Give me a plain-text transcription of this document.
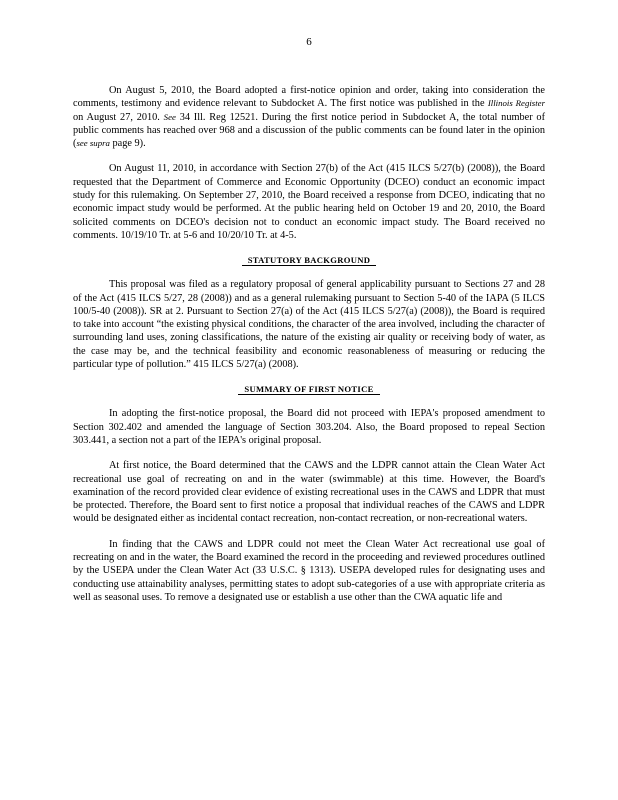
6

On August 5, 2010, the Board adopted a first-notice opinion and order, taking into consideration the comments, testimony and evidence relevant to Subdocket A. The first notice was published in the Illinois Register on August 27, 2010. See 34 Ill. Reg 12521. During the first notice period in Subdocket A, the total number of public comments has reached over 968 and a discussion of the public comments can be found later in the opinion (see supra page 9).

On August 11, 2010, in accordance with Section 27(b) of the Act (415 ILCS 5/27(b) (2008)), the Board requested that the Department of Commerce and Economic Opportunity (DCEO) conduct an economic impact study for this rulemaking. On September 27, 2010, the Board received a response from DCEO, indicating that no economic impact study would be performed. At the public hearing held on October 19 and 20, 2010, the Board solicited comments on DCEO's decision not to conduct an economic impact study. The Board received no comments. 10/19/10 Tr. at 5-6 and 10/20/10 Tr. at 4-5.

STATUTORY BACKGROUND

This proposal was filed as a regulatory proposal of general applicability pursuant to Sections 27 and 28 of the Act (415 ILCS 5/27, 28 (2008)) and as a general rulemaking pursuant to Section 5-40 of the IAPA (5 ILCS 100/5-40 (2008)). SR at 2. Pursuant to Section 27(a) of the Act (415 ILCS 5/27(a) (2008)), the Board is required to take into account “the existing physical conditions, the character of the area involved, including the character of surrounding land uses, zoning classifications, the nature of the existing air quality or receiving body of water, as the case may be, and the technical feasibility and economic reasonableness of measuring or reducing the particular type of pollution.” 415 ILCS 5/27(a) (2008).

SUMMARY OF FIRST NOTICE

In adopting the first-notice proposal, the Board did not proceed with IEPA's proposed amendment to Section 302.402 and amended the language of Section 303.204. Also, the Board proposed to repeal Section 303.441, a section not a part of the IEPA's original proposal.

At first notice, the Board determined that the CAWS and the LDPR cannot attain the Clean Water Act recreational use goal of recreating on and in the water (swimmable) at this time. However, the Board's examination of the record provided clear evidence of existing recreational uses in the CAWS and LDPR that must be protected. Therefore, the Board sent to first notice a proposal that individual reaches of the CAWS and LDPR would be designated either as incidental contact recreation, non-contact recreation, or non-recreational waters.

In finding that the CAWS and LDPR could not meet the Clean Water Act recreational use goal of recreating on and in the water, the Board examined the record in the proceeding and reviewed procedures outlined by the USEPA under the Clean Water Act (33 U.S.C. § 1313). USEPA developed rules for designating uses and conducting use attainability analyses, permitting states to adopt sub-categories of a use with appropriate criteria as well as seasonal uses. To remove a designated use or establish a use other than the CWA aquatic life and
